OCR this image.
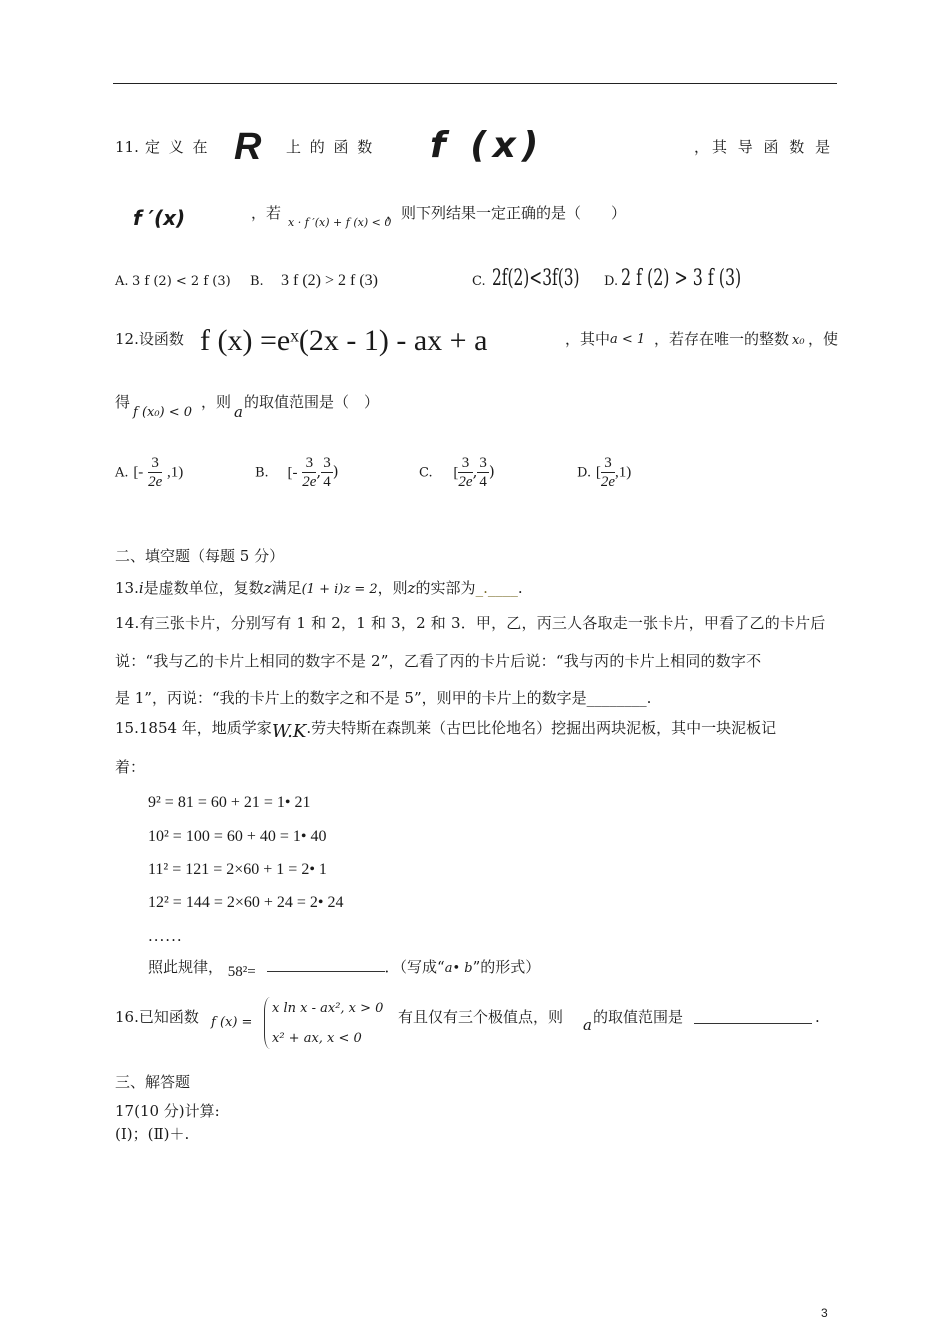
11. 定 义 在 R 上 的 函 数 f (x)	，其 导 函 数 是
f ′(x)	，若
x · f ′(x) + f (x) < 0
，则下列结果一定正确的是（　　）
A. 3 f (2) < 2 f (3) B. 3 f (2) > 2 f (3)	C. 2f(2)<3f(3) D. 2 f (2) > 3 f (3)
12.设函数 f (x) =eˣ(2x - 1) - ax + a	，其中 a < 1 ，若存在唯一的整数 x₀ ，使
得
f (x₀) < 0
，则
a
的取值范围是（　）
A. [- $\frac{3}{2e} ,1$)	B. [- $\frac{3}{2e}$ , $\frac{3}{4}$ )	C. [ $\frac{3}{2e}$ , $\frac{3}{4}$ )	D. [ $\frac{3}{2e} ,1$)
二、填空题（每题 5 分）
13.i是虚数单位，复数z满足(1 + i)z = 2，则z的实部为_.____.
14.有三张卡片，分别写有 1 和 2，1 和 3，2 和 3．甲，乙，丙三人各取走一张卡片，甲看了乙的卡片后
说：“我与乙的卡片上相同的数字不是 2”，乙看了丙的卡片后说：“我与丙的卡片上相同的数字不
是 1”，丙说：“我的卡片上的数字之和不是 5”，则甲的卡片上的数字是________.
15.1854 年，地质学家W.K.劳夫特斯在森凯莱（古巴比伦地名）挖掘出两块泥板，其中一块泥板记
着：
9² = 81 = 60 + 21 = 1• 21
10² = 100 = 60 + 40 = 1• 40
11² = 121 = 2×60 + 1 = 2• 1
12² = 144 = 2×60 + 24 = 2• 24
......
照此规律， 58²=	．（写成“a• b”的形式）
16.已知函数 f (x) =
x ln x - ax², x > 0
x² + ax, x < 0
有且仅有三个极值点，则 a 的取值范围是	.
三、解答题
17(10 分)计算:
(Ⅰ)；(Ⅱ)＋.
3
